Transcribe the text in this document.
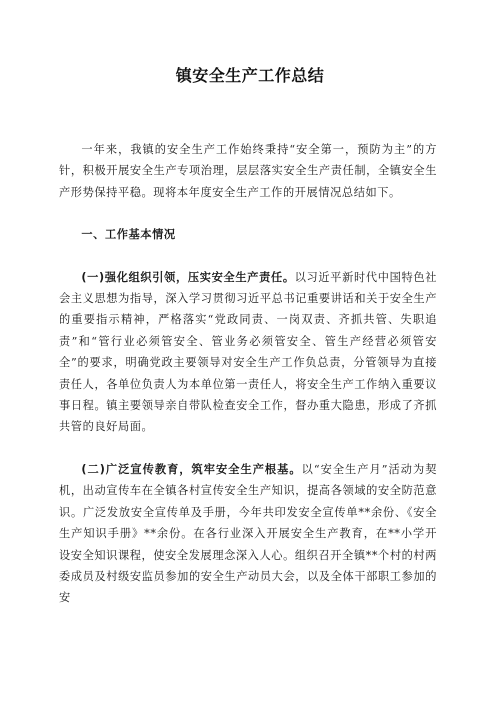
镇安全生产工作总结

一年来，我镇的安全生产工作始终秉持“安全第一，预防为主”的方针，积极开展安全生产专项治理，层层落实安全生产责任制，全镇安全生产形势保持平稳。现将本年度安全生产工作的开展情况总结如下。

一、工作基本情况

(一)强化组织引领，压实安全生产责任。以习近平新时代中国特色社会主义思想为指导，深入学习贯彻习近平总书记重要讲话和关于安全生产的重要指示精神，严格落实“党政同责、一岗双责、齐抓共管、失职追责”和“管行业必须管安全、管业务必须管安全、管生产经营必须管安全”的要求，明确党政主要领导对安全生产工作负总责，分管领导为直接责任人，各单位负责人为本单位第一责任人，将安全生产工作纳入重要议事日程。镇主要领导亲自带队检查安全工作，督办重大隐患，形成了齐抓共管的良好局面。

(二)广泛宣传教育，筑牢安全生产根基。以“安全生产月”活动为契机，出动宣传车在全镇各村宣传安全生产知识，提高各领域的安全防范意识。广泛发放安全宣传单及手册，今年共印发安全宣传单**余份、《安全生产知识手册》**余份。在各行业深入开展安全生产教育，在**小学开设安全知识课程，使安全发展理念深入人心。组织召开全镇**个村的村两委成员及村级安监员参加的安全生产动员大会，以及全体干部职工参加的安
